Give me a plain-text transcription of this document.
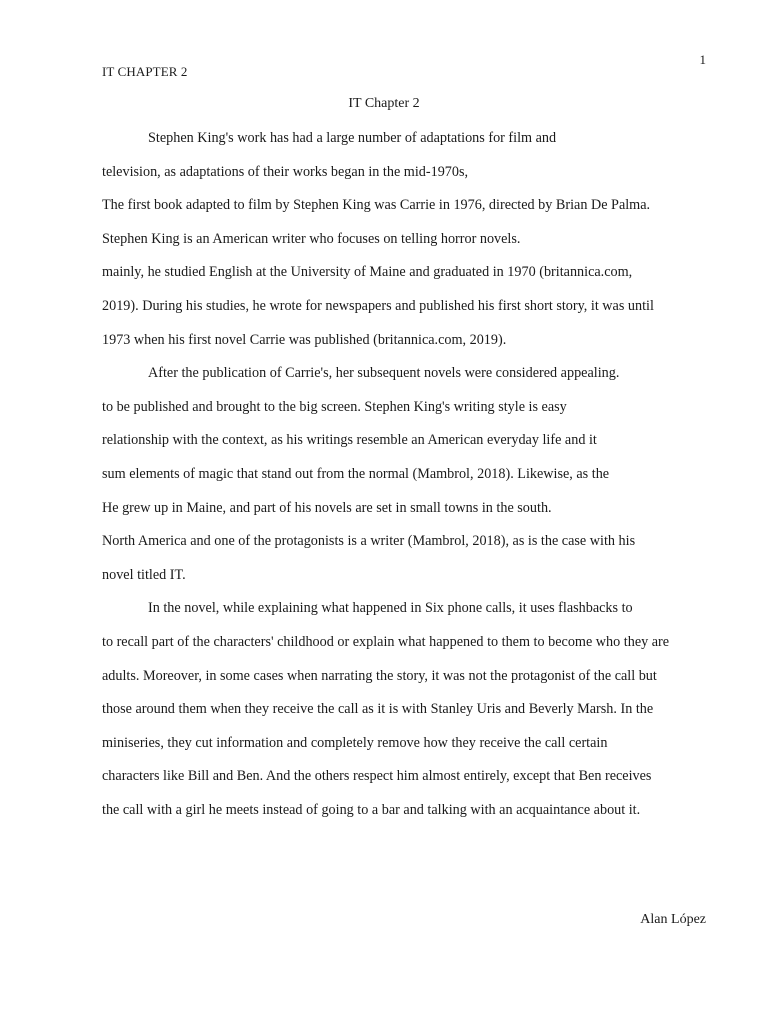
IT CHAPTER 2
1
IT Chapter 2
Stephen King's work has had a large number of adaptations for film and
television, as adaptations of their works began in the mid-1970s,
The first book adapted to film by Stephen King was Carrie in 1976, directed by Brian De Palma.
Stephen King is an American writer who focuses on telling horror novels.
mainly, he studied English at the University of Maine and graduated in 1970 (britannica.com,
2019). During his studies, he wrote for newspapers and published his first short story, it was until
1973 when his first novel Carrie was published (britannica.com, 2019).
After the publication of Carrie's, her subsequent novels were considered appealing.
to be published and brought to the big screen. Stephen King's writing style is easy
relationship with the context, as his writings resemble an American everyday life and it
sum elements of magic that stand out from the normal (Mambrol, 2018). Likewise, as the
He grew up in Maine, and part of his novels are set in small towns in the south.
North America and one of the protagonists is a writer (Mambrol, 2018), as is the case with his
novel titled IT.
In the novel, while explaining what happened in Six phone calls, it uses flashbacks to
to recall part of the characters' childhood or explain what happened to them to become who they are
adults. Moreover, in some cases when narrating the story, it was not the protagonist of the call but
those around them when they receive the call as it is with Stanley Uris and Beverly Marsh. In the
miniseries, they cut information and completely remove how they receive the call certain
characters like Bill and Ben. And the others respect him almost entirely, except that Ben receives
the call with a girl he meets instead of going to a bar and talking with an acquaintance about it.
Alan López
